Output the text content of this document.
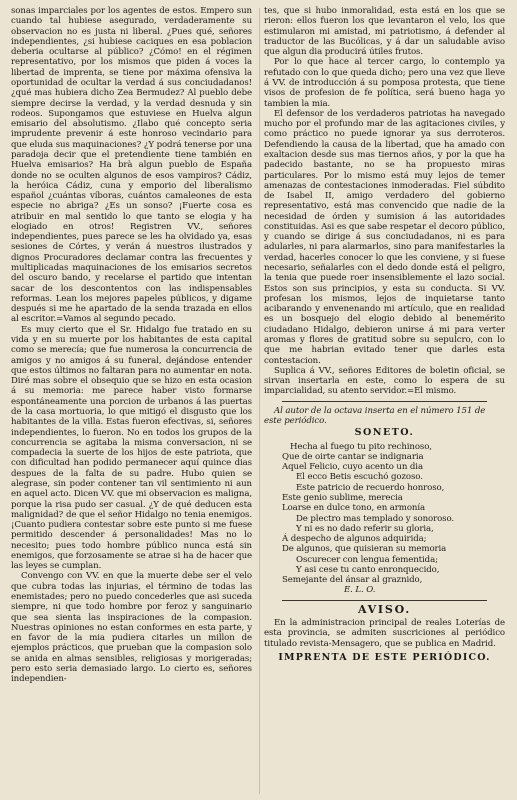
sonas imparciales por los agentes de estos. Empero sun cuando tal hubiese asegurado, verdaderamente su observacion no es justa ni liberal. ¿Pues qué, señores independientes, ¿si hubiese caciques en esa poblacion deberia ocultarse al público? ¿Cómo! en el régimen representativo, por los mismos que piden á voces la libertad de imprenta, se tiene por máxima ofensiva la oportunidad de ocultar la verdad á sus conciudadanos! ¿qué mas hubiera dicho Zea Bermudez? Al pueblo debe siempre decirse la verdad, y la verdad desnuda y sin rodeos. Supongamos que estuviese en Huelva algun emisario del absolutismo. ¿Ilabo qué concepto seria imprudente prevenir á este honroso vecindario para que eluda sus maquinaciones? ¿Y podrá tenerse por una paradoja decir que el pretendiente tiene también en Huelva emisarios? Ha brà algun pueblo de España donde no se oculten algunos de esos vampiros? Cádiz, la heróica Cádiz, cuna y emporio del liberalismo español ¿cuántas víboras, cuántos camaleones de esta especie no abriga? ¿Es un sonso? ¡Fuerte cosa es atribuir en mal sentido lo que tanto se elogia y ha elogiado en otros! Registren VV., señores independientes, pues parece se les ha olvidado ya, esas sesiones de Córtes, y verán á nuestros ilustrados y dignos Procuradores declamar contra las frecuentes y multiplicadas maquinaciones de los emisarios secretos del oscuro bando, y recelarse el partido que intentan sacar de los descontentos con las indispensables reformas. Lean los mejores papeles públicos, y digame después si me he apartado de la senda trazada en ellos al escritor.=Vamos al segundo pecado.

Es muy cierto que el Sr. Hidalgo fue tratado en su vida y en su muerte por los habitantes de esta capital como se merecía; que fue numerosa la concurrencia de amigos y no amigos á su funeral, dejándose entender que estos últimos no faltaran para no aumentar en nota. Diré mas sobre el obsequio que se hizo en esta ocasion á su memoria: me parece haber visto formarse espontáneamente una porcion de urbanos á las puertas de la casa mortuoria, lo que mitigó el disgusto que los habitantes de la villa. Estas fueron efectivas, si, señores independientes, lo fueron. No en todos los grupos de la concurrencia se agitaba la misma conversacion, ni se compadecia la suerte de los hijos de este patriota, que con dificultad han podido permanecer aquí quince dias despues de la falta de su padre. Hubo quien se alegrase, sin poder contener tan vil sentimiento ni aun en aquel acto. Dicen VV. que mi observacion es maligna, porque la risa pudo ser casual. ¿Y de qué deducen esta malignidad? de que el señor Hidalgo no tenia enemigos. ¡Cuanto pudiera contestar sobre este punto si me fuese permitido descender á personalidades! Mas no lo necesito; pues todo hombre público nunca está sin enemigos, que forzosamente se atrae si ha de hacer que las leyes se cumplan.

Convengo con VV. en que la muerte debe ser el velo que cubra todas las injurias, el término de todas las enemistades; pero no puedo concederles que asi suceda siempre, ni que todo hombre por feroz y sanguinario que sea sienta las inspiraciones de la compasion. Nuestras opiniones no estan conformes en esta parte, y en favor de la mia pudiera citarles un millon de ejemplos prácticos, que prueban que la compasion solo se anida en almas sensibles, religiosas y morigeradas; pero esto seria demasiado largo. Lo cierto es, señores independien-

tes, que si hubo inmoralidad, esta está en los que se rieron: ellos fueron los que levantaron el velo, los que estimularon mi amistad, mi patriotismo, á defender al traductor de las Bucólicas, y á dar un saludable aviso que algun dia producirá útiles frutos.

Por lo que hace al tercer cargo, lo contemplo ya refutado con lo que queda dicho; pero una vez que lleve á VV. de introducción á su pomposa protesta, que tiene visos de profesion de fe política, será bueno haga yo tambien la mia.

El defensor de los verdaderos patriotas ha navegado mucho por el profundo mar de las agitaciones civiles, y como práctico no puede ignorar ya sus derroteros. Defendiendo la causa de la libertad, que ha amado con exaltacion desde sus mas tiernos años, y por la que ha padecido bastante, no se ha propuesto miras particulares. Por lo mismo está muy lejos de temer amenazas de contestaciones inmoderadas. Fiel súbdito de Isabel II, amigo verdadero del gobierno representativo, está mas convencido que nadie de la necesidad de órden y sumision á las autoridades constituidas. Asi es que sabe respetar el decoro público, y cuando se dirige á sus conciudadanos, ni es para adularles, ni para alarmarlos, sino para manifestarles la verdad, hacerles conocer lo que les conviene, y si fuese necesario, señalarles con el dedo donde está el peligro, la tenia que puede roer insensiblemente el lazo social. Estos son sus principios, y esta su conducta. Si VV. profesan los mismos, lejos de inquietarse tanto acibarando y envenenando mi artículo, que en realidad es un bosquejo del elogio debido al benemérito ciudadano Hidalgo, debieron unirse á mi para verter aromas y flores de gratitud sobre su sepulcro, con lo que me habrian evitado tener que darles esta contestacion.

Suplica á VV., señores Editores de boletin oficial, se sirvan insertarla en este, como lo espera de su imparcialidad, su atento servidor.=El mismo.

Al autor de la octava inserta en el número 151 de este periódico.

SONETO.
Hecha al fuego tu pito rechinoso,
Que de oirte cantar se indignaria
Aquel Felicio, cuyo acento un dia
El ecco Betis escuchó gozoso.
Este patricio de recuerdo honroso,
Este genio sublime, merecia
Loarse en dulce tono, en armonía
De plectro mas templado y sonoroso.
Y ni es no dado referir su gloria,
Á despecho de algunos adquirida;
De algunos, que quisieran su memoria
Oscurecer con lengua fementida;
Y asi cese tu canto enronquecido,
Semejante del ánsar al graznido,
E. L. O.
AVISO.

En la administracion principal de reales Loterías de esta provincia, se admiten suscriciones al periódico titulado revista-Mensagero, que se publica en Madrid.

IMPRENTA DE ESTE PERIÓDICO.
